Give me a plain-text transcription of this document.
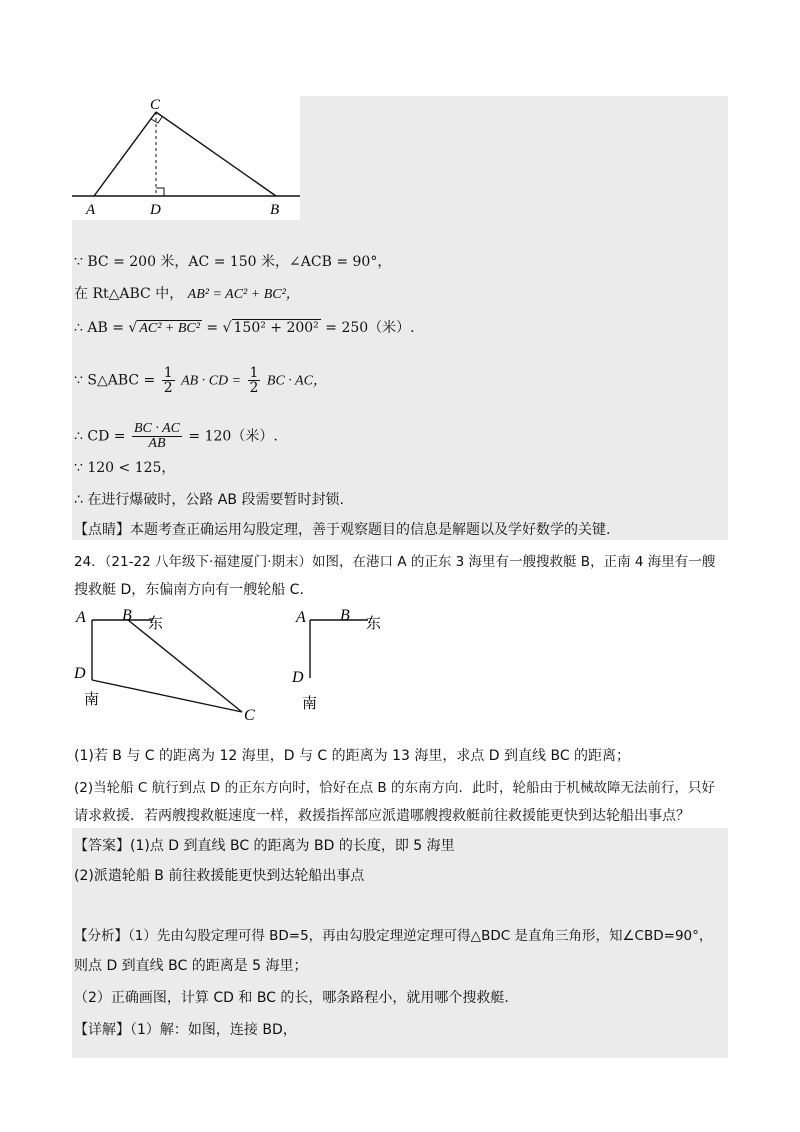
C
A	D	B
∵ BC = 200 米，AC = 150 米，∠ACB = 90°，
在 Rt△ABC 中， AB² = AC² + BC²，
∴ AB = √ AC² + BC² = √ 150² + 200² = 250（米）.
∵ S△ABC = $\frac{1}{2}$ AB · CD = $\frac{1}{2}$ BC · AC，
∴ CD = $\frac{BC \cdot AC}{AB} = 120$（米）.
∵ 120 < 125，
∴ 在进行爆破时，公路 AB 段需要暂时封锁.
【点睛】本题考查正确运用勾股定理，善于观察题目的信息是解题以及学好数学的关键.
24．（21-22 八年级下·福建厦门·期末）如图，在港口 A 的正东 3 海里有一艘搜救艇 B，正南 4 海里有一艘
搜救艇 D，东偏南方向有一艘轮船 C.
A B 东
D
南
C
A B 东
D
南
(1)若 B 与 C 的距离为 12 海里，D 与 C 的距离为 13 海里，求点 D 到直线 BC 的距离；
(2)当轮船 C 航行到点 D 的正东方向时，恰好在点 B 的东南方向．此时，轮船由于机械故障无法前行，只好
请求救援．若两艘搜救艇速度一样，救援指挥部应派遣哪艘搜救艇前往救援能更快到达轮船出事点？
【答案】(1)点 D 到直线 BC 的距离为 BD 的长度，即 5 海里
(2)派遣轮船 B 前往救援能更快到达轮船出事点
【分析】（1）先由勾股定理可得 BD=5，再由勾股定理逆定理可得△BDC 是直角三角形，知∠CBD=90°，
则点 D 到直线 BC 的距离是 5 海里；
（2）正确画图，计算 CD 和 BC 的长，哪条路程小，就用哪个搜救艇.
【详解】（1）解：如图，连接 BD，
